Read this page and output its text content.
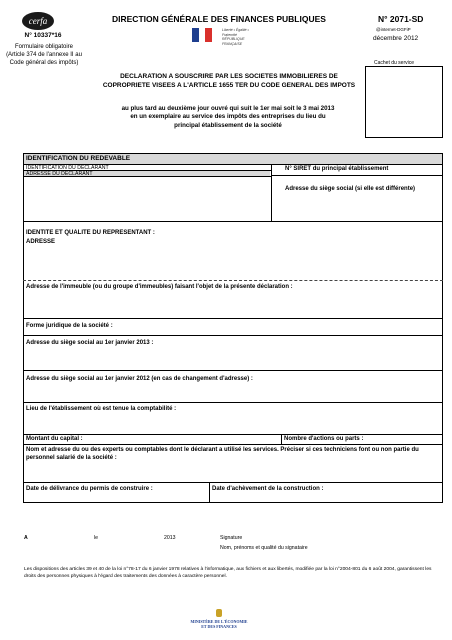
cerfa
N° 10337*16
Formulaire obligatoire (Article 374 de l'annexe II au Code général des impôts)
DIRECTION GÉNÉRALE DES FINANCES PUBLIQUES
Liberté • Égalité • Fraternité RÉPUBLIQUE FRANÇAISE
N° 2071-SD
@internet-DGFiP
décembre 2012
Cachet du service
DECLARATION A SOUSCRIRE PAR LES SOCIETES IMMOBILIERES DE COPROPRIETE VISEES A L'ARTICLE 1655 TER DU CODE GENERAL DES IMPOTS
au plus tard au deuxième jour ouvré qui suit le 1er mai soit le 3 mai 2013 en un exemplaire au service des impôts des entreprises du lieu du principal établissement de la société
IDENTIFICATION DU REDEVABLE
IDENTIFICATION DU DECLARANT
ADRESSE DU DECLARANT
N° SIRET du principal établissement
Adresse du siège social (si elle est différente)
IDENTITE ET QUALITE DU REPRESENTANT :
ADRESSE
Adresse de l'immeuble (ou du groupe d'immeubles) faisant l'objet de la présente déclaration :
Forme juridique de la société :
Adresse du siège social au 1er janvier 2013 :
Adresse du siège social au 1er janvier 2012 (en cas de changement d'adresse) :
Lieu de l'établissement où est tenue la comptabilité :
Montant du capital :	Nombre d'actions ou parts :
Nom et adresse du ou des experts ou comptables dont le déclarant a utilisé les services. Préciser si ces techniciens font ou non partie du personnel salarié de la société :
Date de délivrance du permis de construire :	Date d'achèvement de la construction :
A	le	2013	Signature
Nom, prénoms et qualité du signataire
Les dispositions des articles 39 et 40 de la loi n°78-17 du 6 janvier 1978 relatives à l'informatique, aux fichiers et aux libertés, modifiée par la loi n°2004-801 du 6 août 2004, garantissent les droits des personnes physiques à l'égard des traitements des données à caractère personnel.
MINISTÈRE DE L'ÉCONOMIE
ET DES FINANCES
